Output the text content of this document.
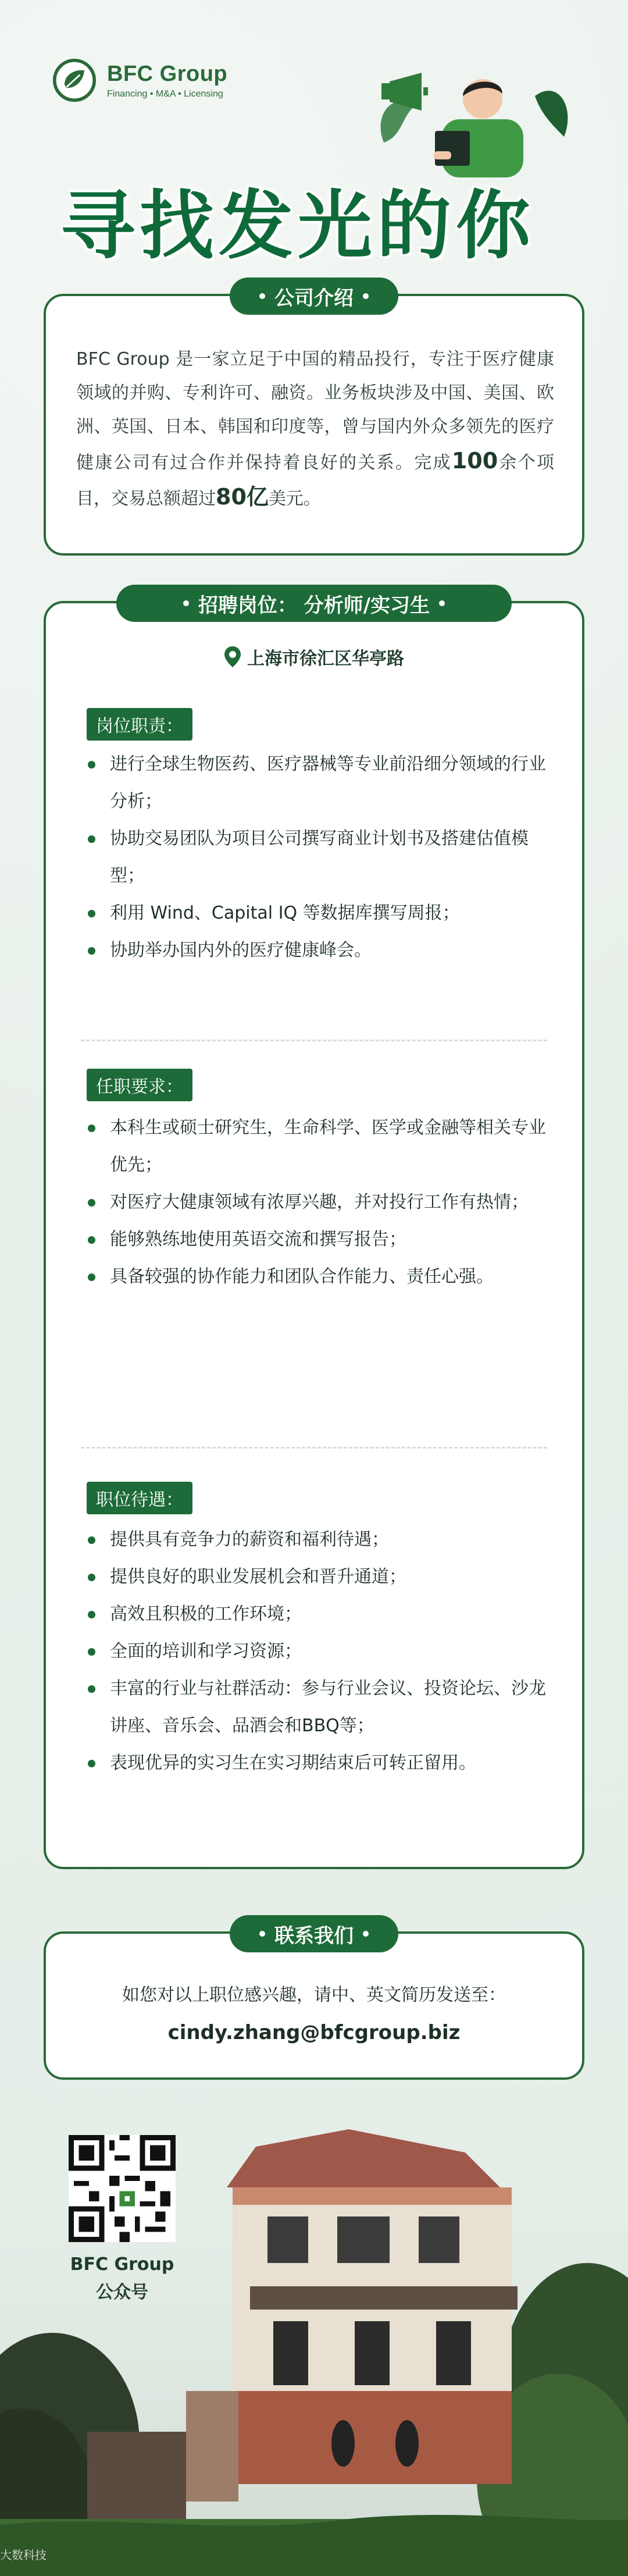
BFC Group
Financing • M&A • Licensing
寻找发光的你
公司介绍
BFC Group 是一家立足于中国的精品投行，专注于医疗健康领域的并购、专利许可、融资。业务板块涉及中国、美国、欧洲、英国、日本、韩国和印度等，曾与国内外众多领先的医疗健康公司有过合作并保持着良好的关系。完成100余个项目，交易总额超过80亿美元。
招聘岗位： 分析师/实习生
上海市徐汇区华亭路
岗位职责：
进行全球生物医药、医疗器械等专业前沿细分领域的行业分析；
协助交易团队为项目公司撰写商业计划书及搭建估值模型；
利用 Wind、Capital IQ 等数据库撰写周报；
协助举办国内外的医疗健康峰会。
任职要求：
本科生或硕士研究生，生命科学、医学或金融等相关专业优先；
对医疗大健康领域有浓厚兴趣，并对投行工作有热情；
能够熟练地使用英语交流和撰写报告；
具备较强的协作能力和团队合作能力、责任心强。
职位待遇：
提供具有竞争力的薪资和福利待遇；
提供良好的职业发展机会和晋升通道；
高效且积极的工作环境；
全面的培训和学习资源；
丰富的行业与社群活动：参与行业会议、投资论坛、沙龙讲座、音乐会、品酒会和BBQ等；
表现优异的实习生在实习期结束后可转正留用。
联系我们
如您对以上职位感兴趣，请中、英文简历发送至：
cindy.zhang@bfcgroup.biz
BFC Group
公众号
大数科技
